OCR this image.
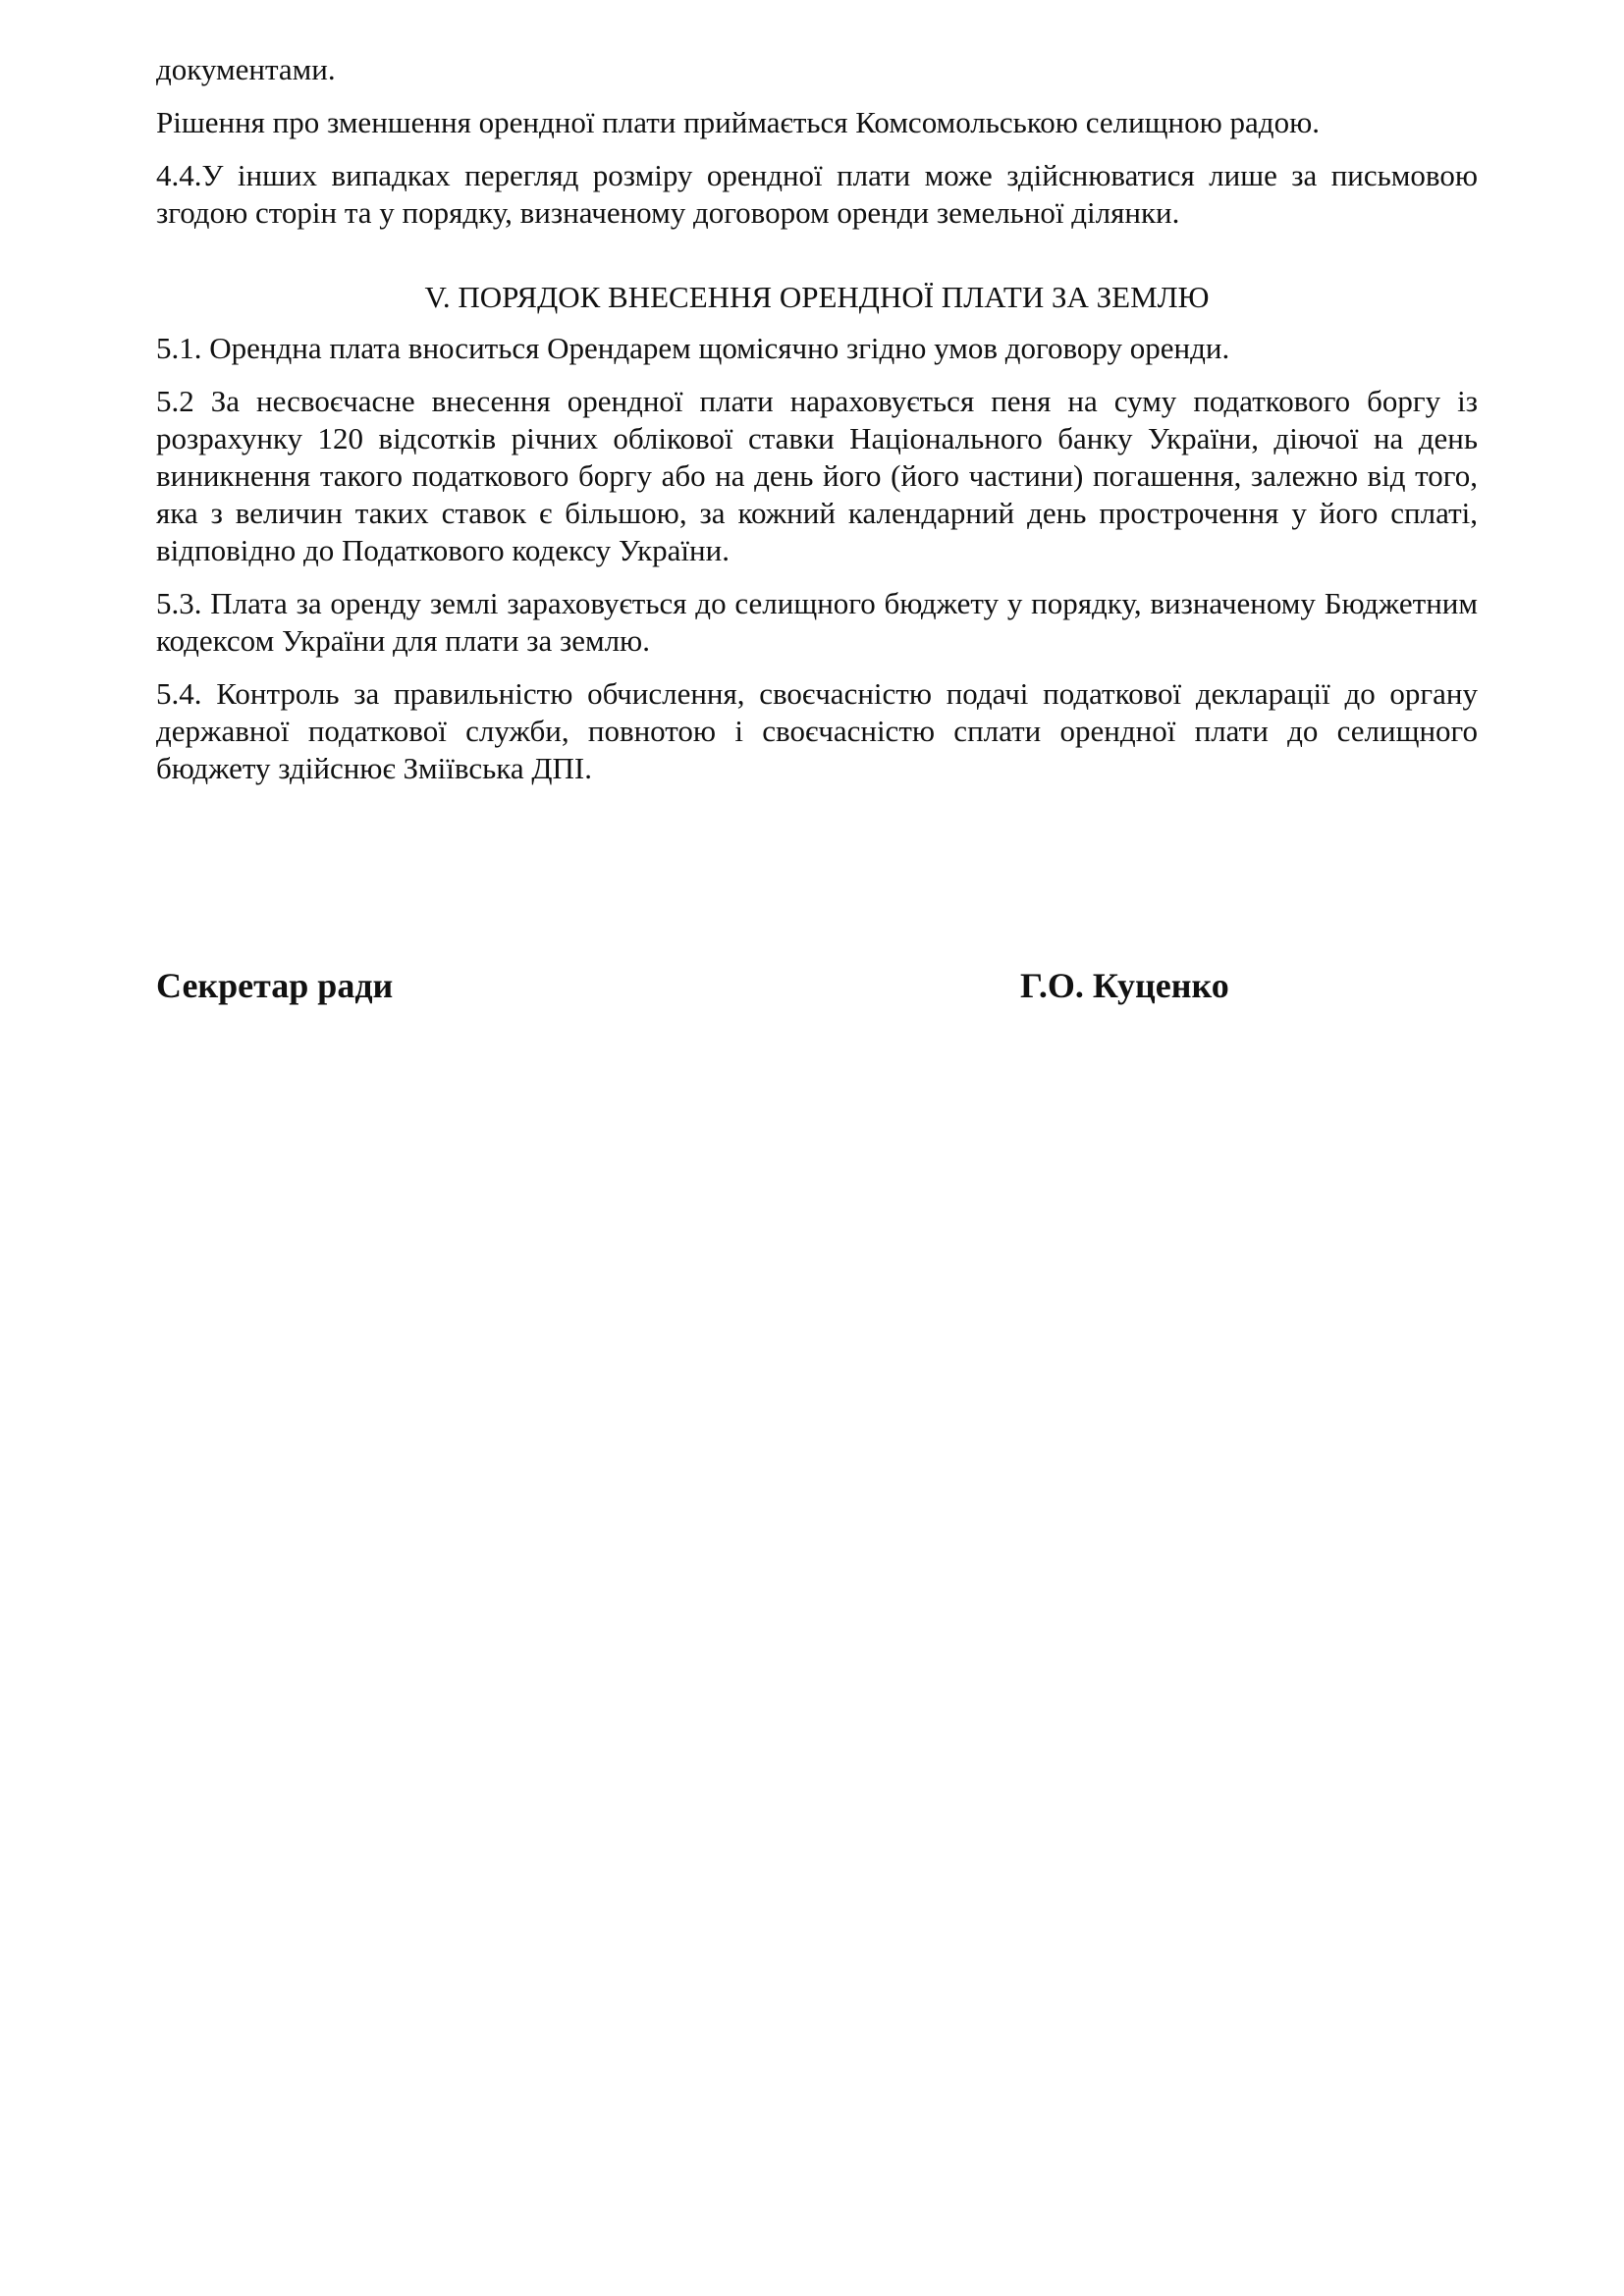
документами.

Рішення про зменшення орендної плати приймається Комсомольською селищною радою.

4.4.У інших випадках перегляд розміру орендної плати може здійснюватися лише за письмовою згодою сторін та у порядку, визначеному договором оренди земельної ділянки.

V. ПОРЯДОК ВНЕСЕННЯ ОРЕНДНОЇ ПЛАТИ ЗА ЗЕМЛЮ

5.1. Орендна плата вноситься Орендарем щомісячно згідно умов договору оренди.

5.2 За несвоєчасне внесення орендної плати нараховується пеня на суму податкового боргу із розрахунку 120 відсотків річних облікової ставки Національного банку України, діючої на день виникнення такого податкового боргу або на день його (його частини) погашення, залежно від того, яка з величин таких ставок є більшою, за кожний календарний день прострочення у його сплаті, відповідно до Податкового кодексу України.

5.3. Плата за оренду землі зараховується до селищного бюджету у порядку, визначеному Бюджетним кодексом України для плати за землю.

5.4. Контроль за правильністю обчислення, своєчасністю подачі податкової декларації до органу державної податкової служби, повнотою і своєчасністю сплати орендної плати до селищного бюджету здійснює Зміївська ДПІ.

Секретар ради	Г.О. Куценко
